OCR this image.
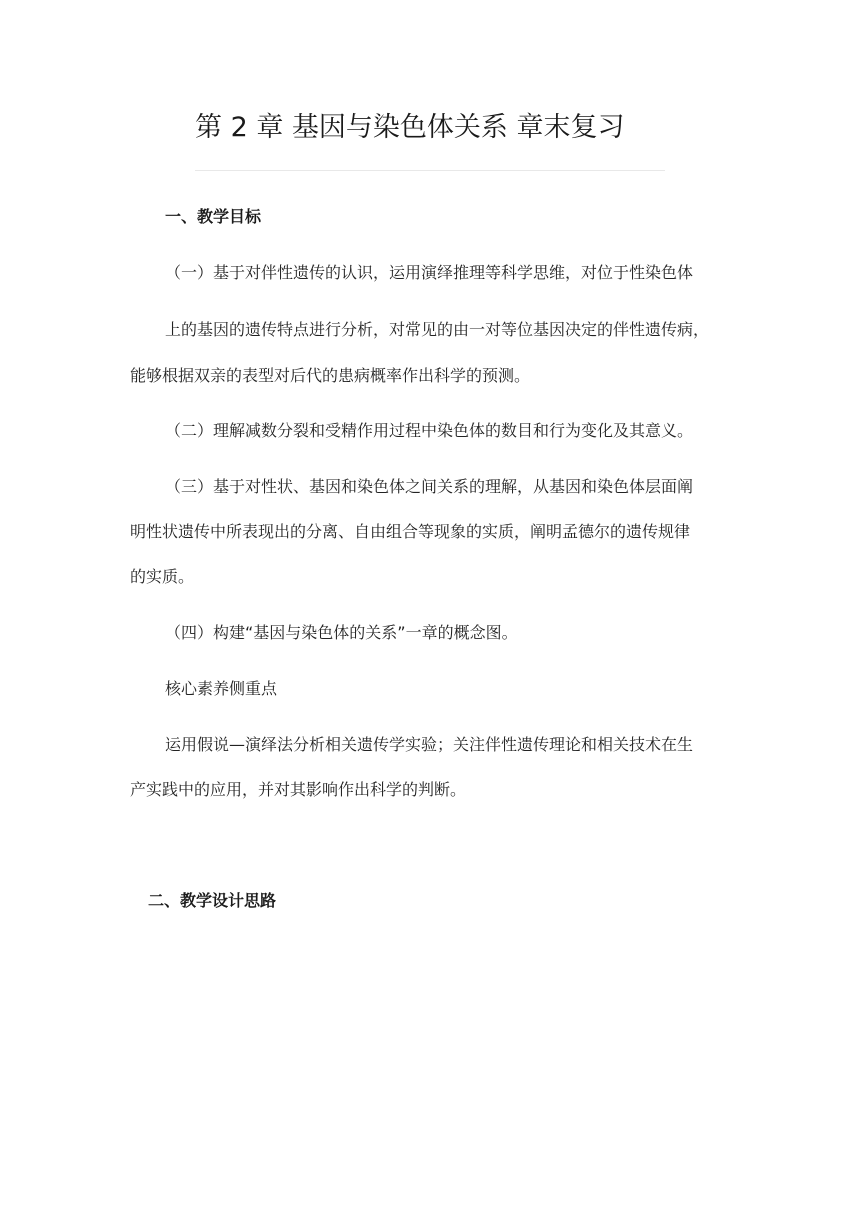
第 2 章 基因与染色体关系 章末复习
一、教学目标
（一）基于对伴性遗传的认识，运用演绎推理等科学思维，对位于性染色体
上的基因的遗传特点进行分析，对常见的由一对等位基因决定的伴性遗传病，
能够根据双亲的表型对后代的患病概率作出科学的预测。
（二）理解减数分裂和受精作用过程中染色体的数目和行为变化及其意义。
（三）基于对性状、基因和染色体之间关系的理解，从基因和染色体层面阐
明性状遗传中所表现出的分离、自由组合等现象的实质，阐明孟德尔的遗传规律
的实质。
（四）构建“基因与染色体的关系”一章的概念图。
核心素养侧重点
运用假说—演绎法分析相关遗传学实验；关注伴性遗传理论和相关技术在生
产实践中的应用，并对其影响作出科学的判断。
二、教学设计思路
